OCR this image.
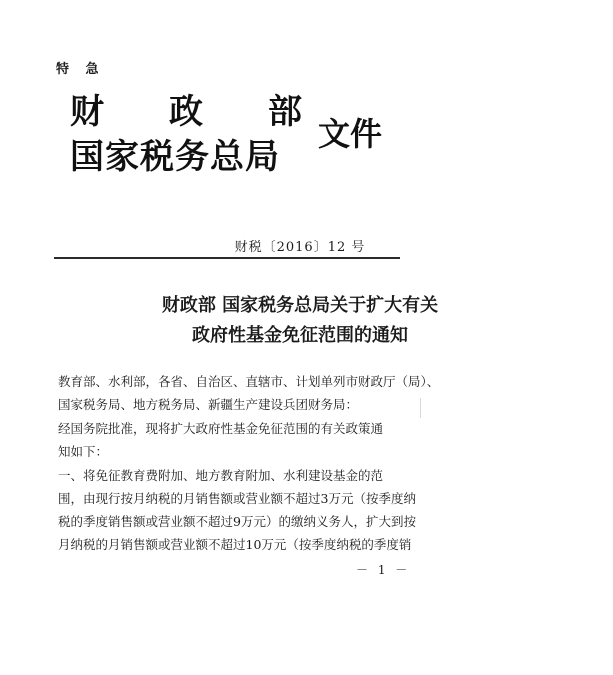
特 急
财 政 部
国家税务总局
文件
财税〔2016〕12 号
财政部 国家税务总局关于扩大有关
政府性基金免征范围的通知
教育部、水利部，各省、自治区、直辖市、计划单列市财政厅（局）、
国家税务局、地方税务局、新疆生产建设兵团财务局：
经国务院批准，现将扩大政府性基金免征范围的有关政策通
知如下：
一、将免征教育费附加、地方教育附加、水利建设基金的范
围，由现行按月纳税的月销售额或营业额不超过3万元（按季度纳
税的季度销售额或营业额不超过9万元）的缴纳义务人，扩大到按
月纳税的月销售额或营业额不超过10万元（按季度纳税的季度销
－ 1 －
